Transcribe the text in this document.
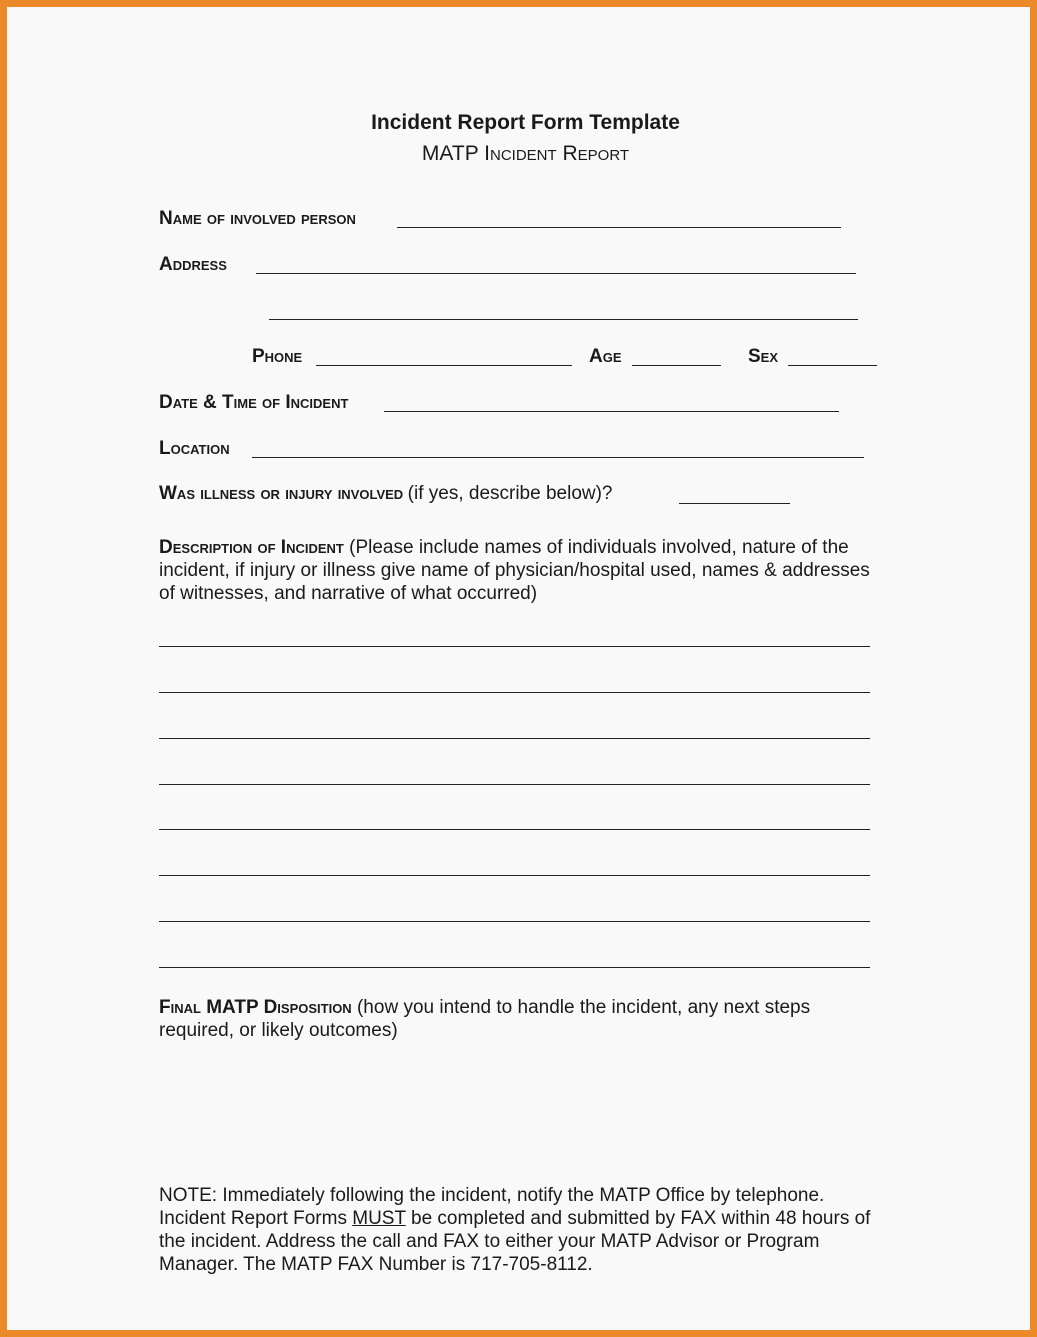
Incident Report Form Template
MATP Incident Report
Name of involved person
Address
Phone	Age	Sex
Date & Time of Incident
Location
Was illness or injury involved (if yes, describe below)?
Description of Incident (Please include names of individuals involved, nature of the
incident, if injury or illness give name of physician/hospital used, names & addresses
of witnesses, and narrative of what occurred)
Final MATP Disposition (how you intend to handle the incident, any next steps
required, or likely outcomes)
NOTE: Immediately following the incident, notify the MATP Office by telephone.
Incident Report Forms MUST be completed and submitted by FAX within 48 hours of
the incident. Address the call and FAX to either your MATP Advisor or Program
Manager. The MATP FAX Number is 717-705-8112.
